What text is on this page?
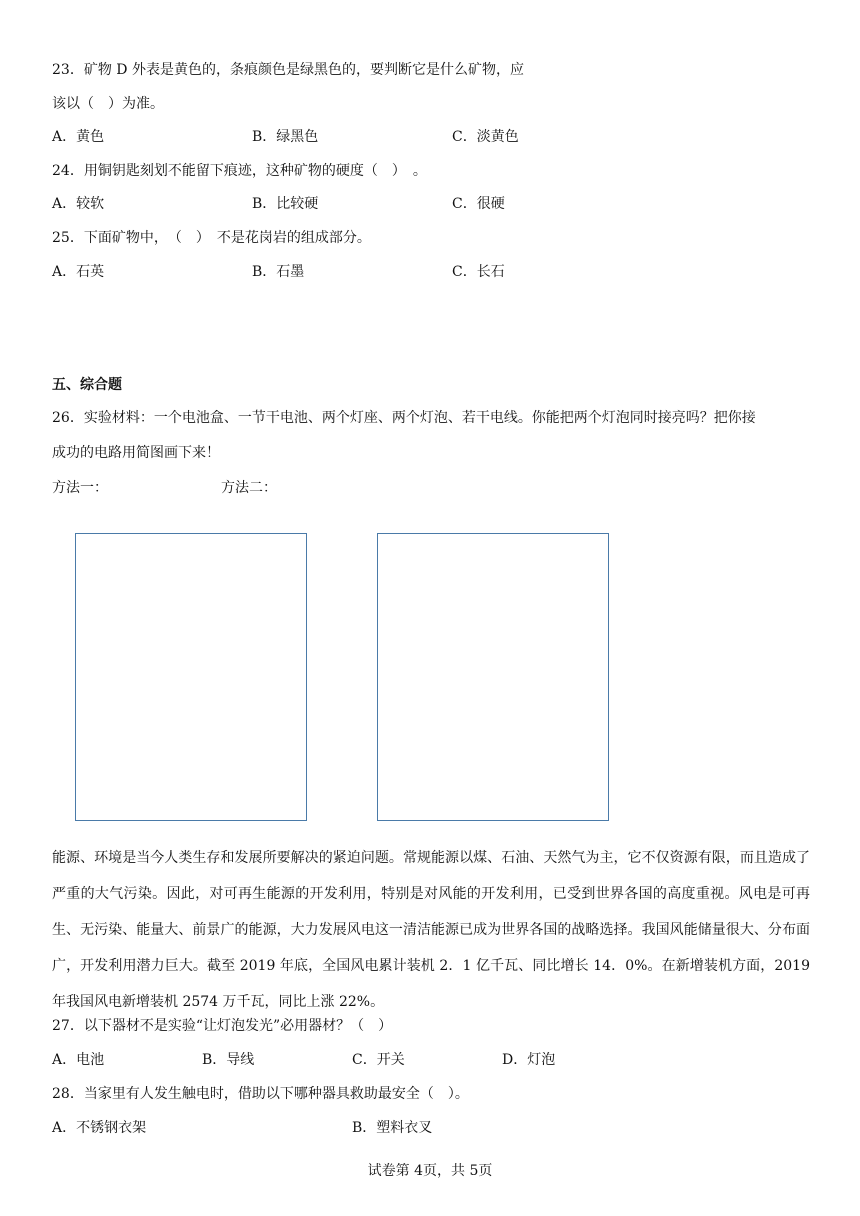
23．矿物 D 外表是黄色的，条痕颜色是绿黑色的，要判断它是什么矿物，应
该以（　）为准。
A．黄色	B．绿黑色	C．淡黄色
24．用铜钥匙刻划不能留下痕迹，这种矿物的硬度（　）　。
A．较软	B．比较硬	C．很硬
25．下面矿物中，　（　）　不是花岗岩的组成部分。
A．石英	B．石墨	C．长石
五、综合题
26．实验材料：一个电池盒、一节干电池、两个灯座、两个灯泡、若干电线。你能把两个灯泡同时接亮吗？把你接
成功的电路用简图画下来！
方法一：	方法二：
能源、环境是当今人类生存和发展所要解决的紧迫问题。常规能源以煤、石油、天然气为主，它不仅资源有限，而且造成了严重的大气污染。因此，对可再生能源的开发利用，特别是对风能的开发利用，已受到世界各国的高度重视。风电是可再生、无污染、能量大、前景广的能源，大力发展风电这一清洁能源已成为世界各国的战略选择。我国风能储量很大、分布面广，开发利用潜力巨大。截至 2019 年底，全国风电累计装机 2．1 亿千瓦、同比增长 14．0%。在新增装机方面，2019 年我国风电新增装机 2574 万千瓦，同比上涨 22%。
27．以下器材不是实验“让灯泡发光”必用器材？（　）
A．电池	B．导线	C．开关	D．灯泡
28．当家里有人发生触电时，借助以下哪种器具救助最安全（　）。
A．不锈钢衣架	B．塑料衣叉
试卷第 4页，共 5页
